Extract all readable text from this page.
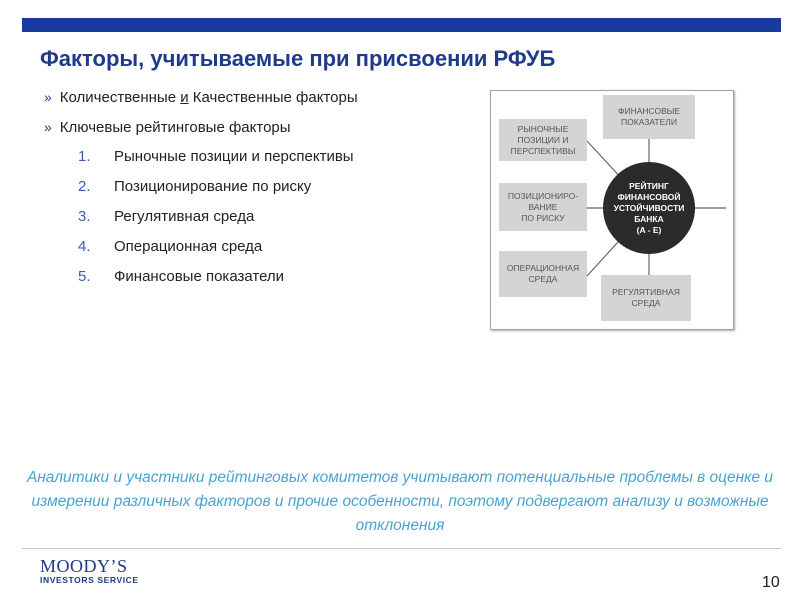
Факторы, учитываемые при присвоении РФУБ
» Количественные и Качественные факторы
» Ключевые рейтинговые факторы
1. Рыночные позиции и перспективы
2. Позиционирование по риску
3. Регулятивная среда
4. Операционная среда
5. Финансовые показатели
ФИНАНСОВЫЕ
ПОКАЗАТЕЛИ
РЫНОЧНЫЕ
ПОЗИЦИИ И
ПЕРСПЕКТИВЫ
ПОЗИЦИОНИРО-
ВАНИЕ
ПО РИСКУ
ОПЕРАЦИОННАЯ
СРЕДА
РЕГУЛЯТИВНАЯ
СРЕДА
РЕЙТИНГ
ФИНАНСОВОЙ
УСТОЙЧИВОСТИ
БАНКА
(A - E)
Аналитики и участники рейтинговых комитетов учитывают потенциальные проблемы в оценке и измерении различных факторов и прочие особенности, поэтому подвергают анализу и возможные отклонения
MOODY’S
INVESTORS SERVICE	10
